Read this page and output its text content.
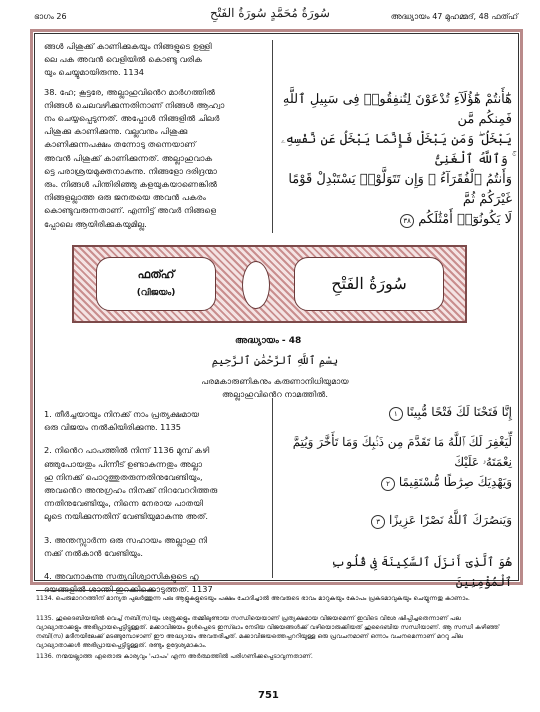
ഭാഗം 26	سُورَةُ مُحَمَّدٍ سُورَةُ الفَتْحِ	അദ്ധ്യായം 47 മുഹമ്മദ്, 48 ഫത്ഹ്
ങ്ങൾ പിശുക്ക് കാണിക്കുകയും നിങ്ങളുടെ ഉള്ളി
ലെ പക അവൻ വെളിയിൽ കൊണ്ടു വരിക
യും ചെയ്യുമായിരുന്നു. 1134
38. ഹേ; കൂട്ടരേ, അല്ലാഹുവിൻെറ മാർഗത്തിൽ
നിങ്ങൾ ചെലവഴിക്കുന്നതിനാണ് നിങ്ങൾ ആഹ്വാ
നം ചെയ്യപ്പെടുന്നത്. അപ്പോൾ നിങ്ങളിൽ ചിലർ
പിശുക്കു കാണിക്കുന്നു. വല്ലവനും പിശുക്കു
കാണിക്കുന്നപക്ഷം തന്നോടു തന്നെയാണ്
അവൻ പിശുക്ക് കാണിക്കുന്നത്. അല്ലാഹുവാക
ട്ടെ പരാശ്രയമുക്തനാകുന്നു. നിങ്ങളോ ദരിദ്രന്മാ
രും. നിങ്ങൾ പിന്തിരിഞ്ഞു കളയുകയാണെങ്കിൽ
നിങ്ങളല്ലാത്ത ഒരു ജനതയെ അവൻ പകരം
കൊണ്ടുവരുന്നതാണ്. എന്നിട്ട് അവർ നിങ്ങളെ
പ്പോലെ ആയിരിക്കുകയുമില്ല.
هَٰٓأَنتُمْ هَٰٓؤُلَآءِ تُدْعَوْنَ لِتُنفِقُوا۟ فِى سَبِيلِ ٱللَّهِ فَمِنكُم مَّن
يَبْخَلُ ۖ وَمَن يَبْخَلْ فَإِنَّمَا يَبْخَلُ عَن نَّفْسِهِۦ ۚ وَٱللَّهُ ٱلْغَنِىُّ
وَأَنتُمُ ٱلْفُقَرَآءُ ۚ وَإِن تَتَوَلَّوْا۟ يَسْتَبْدِلْ قَوْمًا غَيْرَكُمْ ثُمَّ
لَا يَكُونُوٓا۟ أَمْثَٰلَكُم ٣٨
ഫത്ഹ്
(വിജയം)	سُورَةُ الفَتْحِ
അദ്ധ്യായം - 48
بِسْمِ ٱللَّهِ ٱلرَّحْمَٰنِ ٱلرَّحِيمِ
പരമകാരുണികനും കരുണാനിധിയുമായ
അല്ലാഹുവിൻെറ നാമത്തിൽ.
1. തീർച്ചയായും നിനക്ക് നാം പ്രത്യക്ഷമായ
ഒരു വിജയം നൽകിയിരിക്കുന്നു. 1135
2. നിൻെറ പാപത്തിൽ നിന്ന് 1136 മുമ്പ് കഴി
ഞ്ഞുപോയതും പിന്നീട് ഉണ്ടാകുന്നതും അല്ലാ
ഹു നിനക്ക് പൊറുത്തുതരുന്നതിനുവേണ്ടിയും,
അവൻെറ അനുഗ്രഹം നിനക്ക് നിറവേററിത്തരു
ന്നതിനുവേണ്ടിയും, നിന്നെ നേരായ പാതയി
ലൂടെ നയിക്കുന്നതിന് വേണ്ടിയുമാകുന്നു അത്.
3. അന്തസ്സാർന്ന ഒരു സഹായം അല്ലാഹു നി
നക്ക് നൽകാൻ വേണ്ടിയും.
4. അവനാകുന്നു സത്യവിശ്വാസികളുടെ ഹൃ
ദയങ്ങളിൽ ശാന്തി ഇറക്കിക്കൊടുത്തത്. 1137
إِنَّا فَتَحْنَا لَكَ فَتْحًا مُّبِينًا ١
لِّيَغْفِرَ لَكَ ٱللَّهُ مَا تَقَدَّمَ مِن ذَنۢبِكَ وَمَا تَأَخَّرَ وَيُتِمَّ نِعْمَتَهُۥ عَلَيْكَ
وَيَهْدِيَكَ صِرَٰطًا مُّسْتَقِيمًا ٢
وَيَنصُرَكَ ٱللَّهُ نَصْرًا عَزِيزًا ٣
هُوَ ٱلَّذِىٓ أَنزَلَ ٱلسَّكِينَةَ فِى قُلُوبِ ٱلْمُؤْمِنِينَ
1134. പെരുമാററത്തിന് മാന്യത പുലർത്തുന്ന പല ആളുകളുടെയും പക്ഷം ചോദിച്ചാൽ അവരുടെ ഭാവം മാറുകയും കോപം പ്രകടമാവുകയും ചെയ്യുന്നതു കാണാം.
1135. ഹുദൈബിയയിൽ വെച്ച് നബി(സ)യും ശത്രുക്കളും തമ്മിലുണ്ടായ സന്ധിയെയാണ് പ്രത്യക്ഷമായ വിജയമെന്ന് ഇവിടെ വിശേ ഷിപ്പിച്ചതെന്നാണ് പല വ്യാഖ്യാതാക്കളും അഭിപ്രായപ്പെട്ടിട്ടുള്ളത്. മക്കാവിജയം ഉൾപ്പെടെ ഇസ്‌ലാം നേടിയ വിജയങ്ങൾക്ക് വഴിയൊരുക്കിയത് ഹുദൈബിയ സന്ധിയാണ്. ആ സന്ധി കഴിഞ്ഞ് നബി(സ) മദീനയിലേക്ക് മടങ്ങുമ്പോഴാണ് ഈ അദ്ധ്യായം അവതരിച്ചത്. മക്കാവിജയത്തെപ്പററിയുള്ള ഒരു പ്രവചനമാണ് ഒന്നാം വചനമെന്നാണ് മററു ചില വ്യാഖ്യാതാക്കൾ അഭിപ്രായപ്പെട്ടിട്ടുള്ളത്. രണ്ടും ഉദ്ദേശ്യമാകാം.
1136. നന്മയല്ലാത്ത ഏതൊരു കാര്യവും 'പാപം' എന്ന അർത്ഥത്തിൽ പരിഗണിക്കപ്പെടാവുന്നതാണ്.
751
